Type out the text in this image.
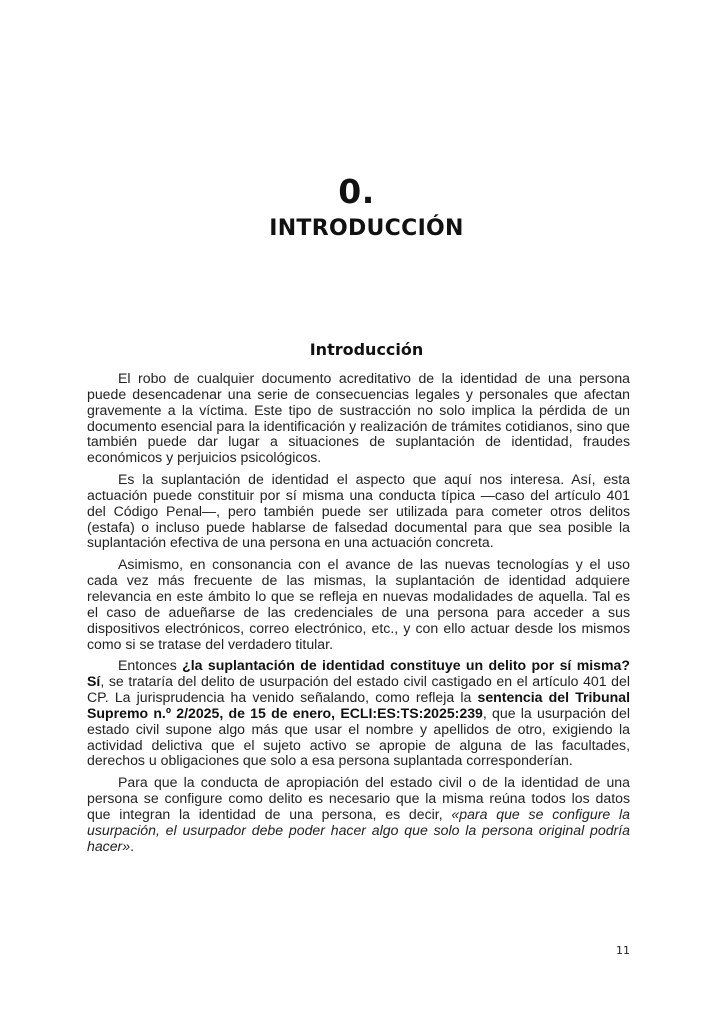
0.
INTRODUCCIÓN
Introducción

El robo de cualquier documento acreditativo de la identidad de una persona puede desencadenar una serie de consecuencias legales y personales que afectan gravemente a la víctima. Este tipo de sustracción no solo implica la pérdida de un documento esencial para la identificación y realización de trámites cotidianos, sino que también puede dar lugar a situaciones de suplantación de identidad, fraudes económicos y perjuicios psicológicos.

Es la suplantación de identidad el aspecto que aquí nos interesa. Así, esta actuación puede constituir por sí misma una conducta típica —caso del artículo 401 del Código Penal—, pero también puede ser utilizada para cometer otros delitos (estafa) o incluso puede hablarse de falsedad documental para que sea posible la suplantación efectiva de una persona en una actuación concreta.

Asimismo, en consonancia con el avance de las nuevas tecnologías y el uso cada vez más frecuente de las mismas, la suplantación de identidad adquiere relevancia en este ámbito lo que se refleja en nuevas modalidades de aquella. Tal es el caso de adueñarse de las credenciales de una persona para acceder a sus dispositivos electrónicos, correo electrónico, etc., y con ello actuar desde los mismos como si se tratase del verdadero titular.

Entonces ¿la suplantación de identidad constituye un delito por sí misma? Sí, se trataría del delito de usurpación del estado civil castigado en el artículo 401 del CP. La jurisprudencia ha venido señalando, como refleja la sentencia del Tribunal Supremo n.º 2/2025, de 15 de enero, ECLI:ES:TS:2025:239, que la usurpación del estado civil supone algo más que usar el nombre y apellidos de otro, exigiendo la actividad delictiva que el sujeto activo se apropie de alguna de las facultades, derechos u obligaciones que solo a esa persona suplantada corresponderían.

Para que la conducta de apropiación del estado civil o de la identidad de una persona se configure como delito es necesario que la misma reúna todos los datos que integran la identidad de una persona, es decir, «para que se configure la usurpación, el usurpador debe poder hacer algo que solo la persona original podría hacer».

11
